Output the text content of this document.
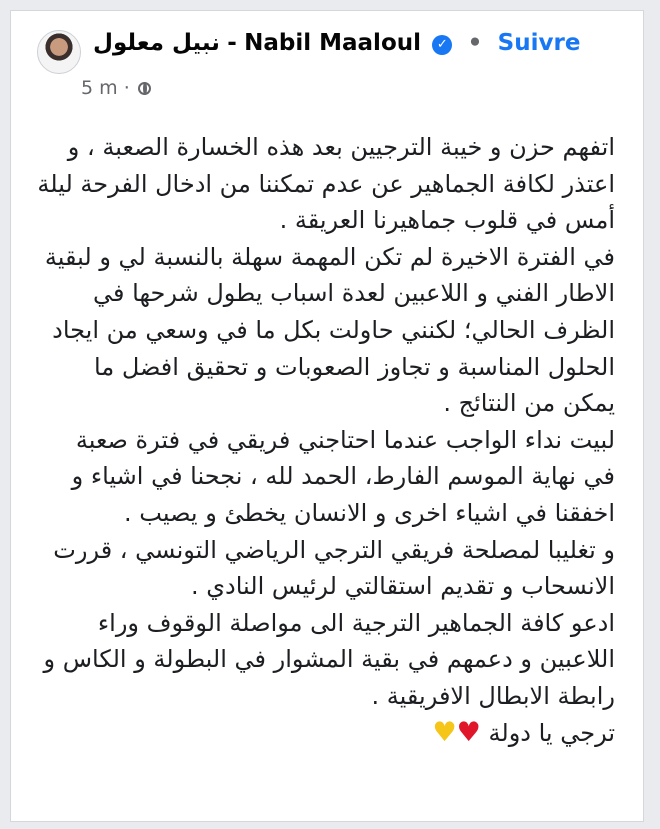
نبيل معلول - Nabil Maaloul ✓ • Suivre
5 m ·

اتفهم حزن و خيبة الترجيين بعد هذه الخسارة الصعبة ، و

اعتذر لكافة الجماهير عن عدم تمكننا من ادخال الفرحة ليلة

أمس في قلوب جماهيرنا العريقة .

في الفترة الاخيرة لم تكن المهمة سهلة بالنسبة لي و لبقية

الاطار الفني و اللاعبين لعدة اسباب يطول شرحها في

الظرف الحالي؛ لكنني حاولت بكل ما في وسعي من ايجاد

الحلول المناسبة و تجاوز الصعوبات و تحقيق افضل ما

يمكن من النتائج .

لبيت نداء الواجب عندما احتاجني فريقي في فترة صعبة

في نهاية الموسم الفارط، الحمد لله ، نجحنا في اشياء و

اخفقنا في اشياء اخرى و الانسان يخطئ و يصيب .

و تغليبا لمصلحة فريقي الترجي الرياضي التونسي ، قررت

الانسحاب و تقديم استقالتي لرئيس النادي .

ادعو كافة الجماهير الترجية الى مواصلة الوقوف وراء

اللاعبين و دعمهم في بقية المشوار في البطولة و الكاس و

رابطة الابطال الافريقية .

ترجي يا دولة ♥♥
